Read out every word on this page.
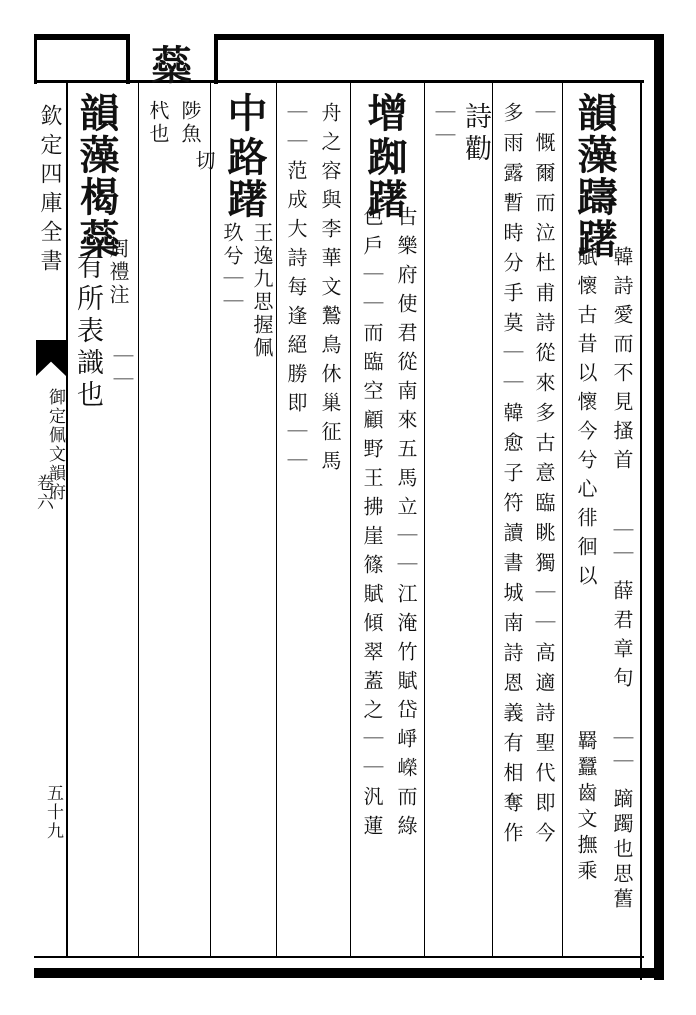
欽定四庫全書
御定佩文韻府
卷六
五十九
蘂
陟魚
切
杙也
韻藻
楬蘂
周禮注
｜｜
有所表識也
中
路躇
王逸九思握佩
玖兮｜｜ ｜｜范成大詩每逢絕勝即｜｜ 舟之容與李華文鷙鳥休巢征馬 增
踟躇
古樂府使君從南來五馬立｜｜江淹竹賦岱崢嶸而綠
色戶｜｜而臨空顧野王拂崖篠賦傾翠蓋之｜｜汎蓮
｜｜ 詩勸 多雨露暫時分手莫｜｜韓愈子符讀書城南詩恩義有相奪作 ｜慨爾而泣杜甫詩從來多古意臨眺獨｜｜高適詩聖代即今 韻藻
躊躇
韓詩愛而不見搔首
｜｜
薛君章句
｜｜
蹢躅也思舊
賦懷古昔以懷今兮心徘徊以
羇蠶齒文撫乘
